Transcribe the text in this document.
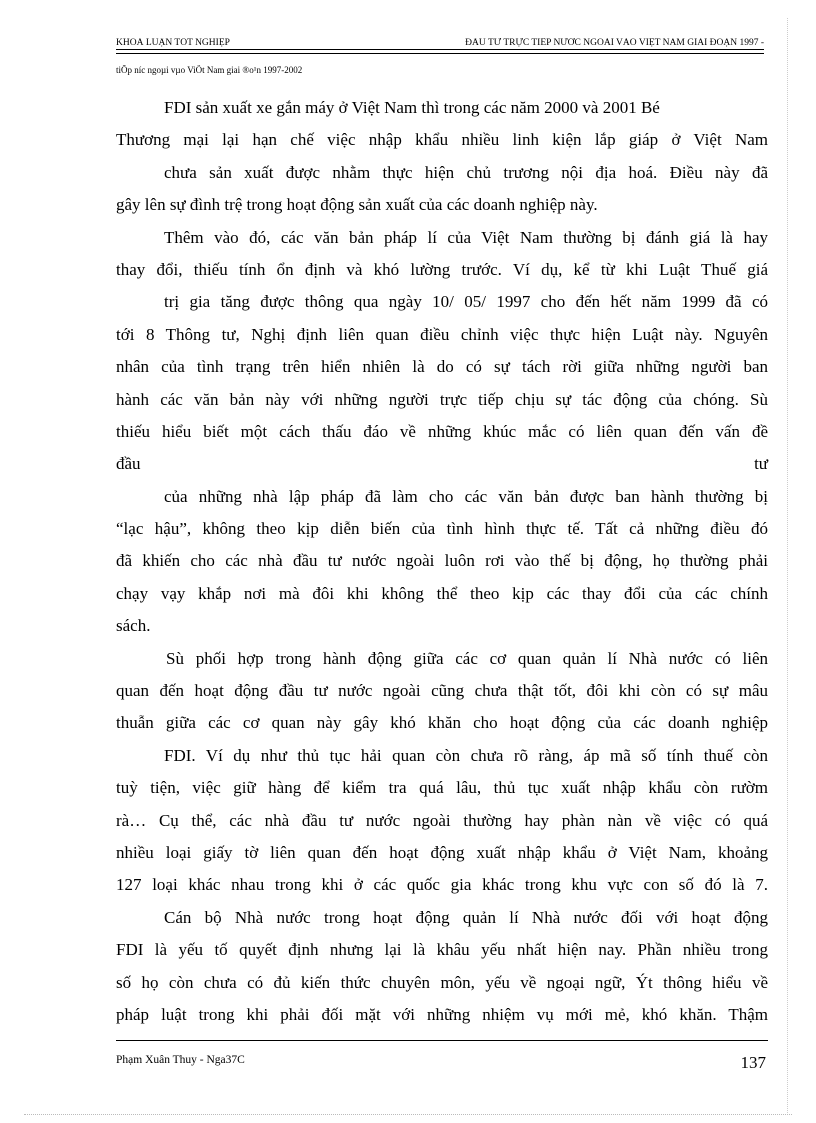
KHOÁ LUẬN TỐT NGHIỆP	ĐẦU TƯ TRỰC TIẾP NƯỚC NGOÀI VÀO VIỆT NAM GIAI ĐOẠN 1997 -
tiÕp níc ngoµi vµo ViÖt Nam giai ®o¹n 1997-2002
FDI sản xuất xe gắn máy ở Việt Nam thì trong các năm 2000 và 2001 Bé
Thương mại lại hạn chế việc nhập khẩu nhiều linh kiện lắp giáp ở Việt Nam
chưa sản xuất được nhằm thực hiện chủ trương nội địa hoá. Điều này đã
gây lên sự đình trệ trong hoạt động sản xuất của các doanh nghiệp này.
Thêm vào đó, các văn bản pháp lí của Việt Nam thường bị đánh giá là hay
thay đổi, thiếu tính ổn định và khó lường trước. Ví dụ, kể từ khi Luật Thuế giá
trị gia tăng được thông qua ngày 10/ 05/ 1997 cho đến hết năm 1999 đã có
tới 8 Thông tư, Nghị định liên quan điều chỉnh việc thực hiện Luật này. Nguyên
nhân của tình trạng trên hiển nhiên là do có sự tách rời giữa những người ban
hành các văn bản này với những người trực tiếp chịu sự tác động của chóng. Sù
thiếu hiểu biết một cách thấu đáo về những khúc mắc có liên quan đến vấn đề
đầu	tư
của những nhà lập pháp đã làm cho các văn bản được ban hành thường bị
“lạc hậu”, không theo kịp diễn biến của tình hình thực tế. Tất cả những điều đó
đã khiến cho các nhà đầu tư nước ngoài luôn rơi vào thế bị động, họ thường phải
chạy vạy khắp nơi mà đôi khi không thể theo kịp các thay đổi của các chính
sách.
Sù phối hợp trong hành động giữa các cơ quan quản lí Nhà nước có liên
quan đến hoạt động đầu tư nước ngoài cũng chưa thật tốt, đôi khi còn có sự mâu
thuẫn giữa các cơ quan này gây khó khăn cho hoạt động của các doanh nghiệp
FDI. Ví dụ như thủ tục hải quan còn chưa rõ ràng, áp mã số tính thuế còn
tuỳ tiện, việc giữ hàng để kiểm tra quá lâu, thủ tục xuất nhập khẩu còn rườm
rà… Cụ thể, các nhà đầu tư nước ngoài thường hay phàn nàn về việc có quá
nhiều loại giấy tờ liên quan đến hoạt động xuất nhập khẩu ở Việt Nam, khoảng
127 loại khác nhau trong khi ở các quốc gia khác trong khu vực con số đó là 7.
Cán bộ Nhà nước trong hoạt động quản lí Nhà nước đối với hoạt động
FDI là yếu tố quyết định nhưng lại là khâu yếu nhất hiện nay. Phần nhiều trong
số họ còn chưa có đủ kiến thức chuyên môn, yếu về ngoại ngữ, Ýt thông hiểu về
pháp luật trong khi phải đối mặt với những nhiệm vụ mới mẻ, khó khăn. Thậm
Phạm Xuân Thuy - Nga37C	137
